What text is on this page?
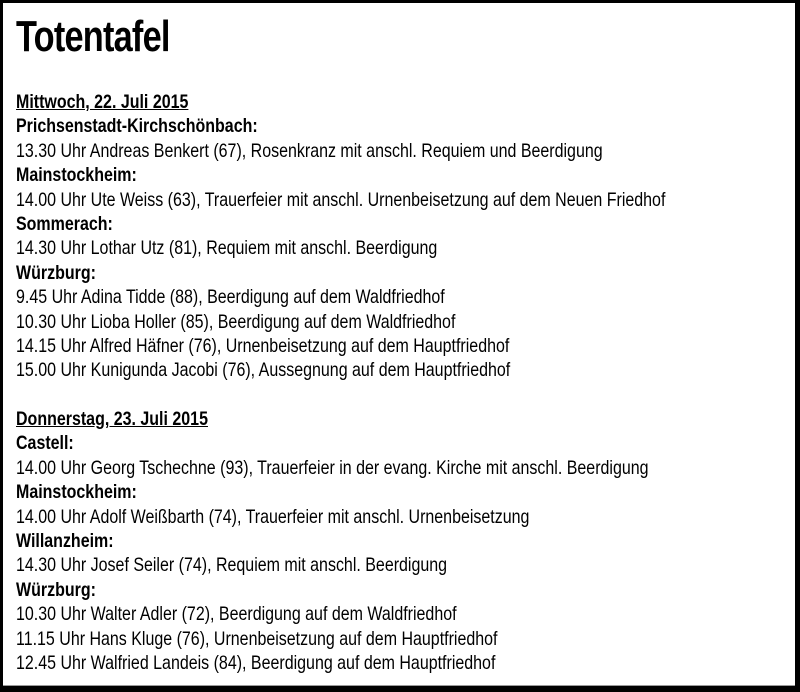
Totentafel
Mittwoch, 22. Juli 2015
Prichsenstadt-Kirchschönbach:
13.30 Uhr Andreas Benkert (67), Rosenkranz mit anschl. Requiem und Beerdigung
Mainstockheim:
14.00 Uhr Ute Weiss (63), Trauerfeier mit anschl. Urnenbeisetzung auf dem Neuen Friedhof
Sommerach:
14.30 Uhr Lothar Utz (81), Requiem mit anschl. Beerdigung
Würzburg:
9.45 Uhr Adina Tidde (88), Beerdigung auf dem Waldfriedhof
10.30 Uhr Lioba Holler (85), Beerdigung auf dem Waldfriedhof
14.15 Uhr Alfred Häfner (76), Urnenbeisetzung auf dem Hauptfriedhof
15.00 Uhr Kunigunda Jacobi (76), Aussegnung auf dem Hauptfriedhof
Donnerstag, 23. Juli 2015
Castell:
14.00 Uhr Georg Tschechne (93), Trauerfeier in der evang. Kirche mit anschl. Beerdigung
Mainstockheim:
14.00 Uhr Adolf Weißbarth (74), Trauerfeier mit anschl. Urnenbeisetzung
Willanzheim:
14.30 Uhr Josef Seiler (74), Requiem mit anschl. Beerdigung
Würzburg:
10.30 Uhr Walter Adler (72), Beerdigung auf dem Waldfriedhof
11.15 Uhr Hans Kluge (76), Urnenbeisetzung auf dem Hauptfriedhof
12.45 Uhr Walfried Landeis (84), Beerdigung auf dem Hauptfriedhof
